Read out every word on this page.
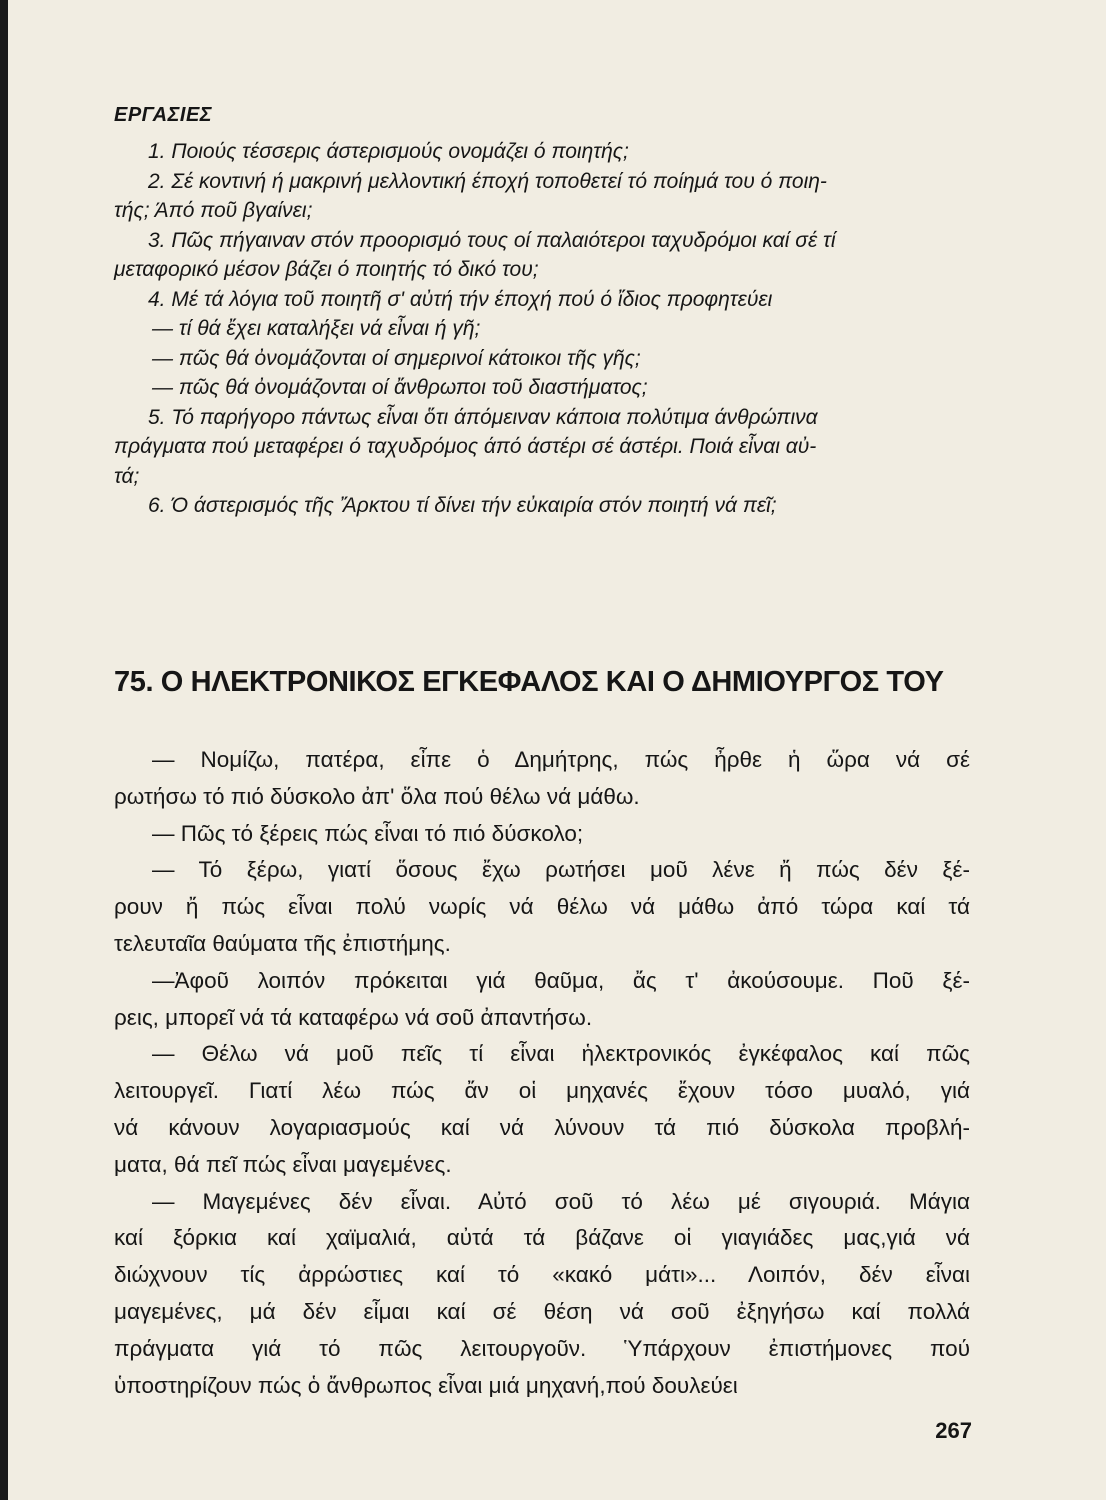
ΕΡΓΑΣΙΕΣ
1. Ποιούς τέσσερις άστερισμούς ονομάζει ό ποιητής;
2. Σέ κοντινή ή μακρινή μελλοντική έποχή τοποθετεί τό ποίημά του ό ποιη-
τής; Άπό ποῦ βγαίνει;
3. Πῶς πήγαιναν στόν προορισμό τους οί παλαιότεροι ταχυδρόμοι καί σέ τί
μεταφορικό μέσον βάζει ό ποιητής τό δικό του;
4. Μέ τά λόγια τοῦ ποιητῆ σ' αὐτή τήν έποχή πού ό ἴδιος προφητεύει
— τί θά ἔχει καταλήξει νά εἶναι ή γῆ;
— πῶς θά ὀνομάζονται οί σημερινοί κάτοικοι τῆς γῆς;
— πῶς θά ὀνομάζονται οί ἄνθρωποι τοῦ διαστήματος;
5. Τό παρήγορο πάντως εἶναι ὅτι άπόμειναν κάποια πολύτιμα άνθρώπινα
πράγματα πού μεταφέρει ό ταχυδρόμος άπό άστέρι σέ άστέρι. Ποιά εἶναι αὐ-
τά;
6. Ό άστερισμός τῆς Ἄρκτου τί δίνει τήν εὐκαιρία στόν ποιητή νά πεῖ;
75. Ο ΗΛΕΚΤΡΟΝΙΚΟΣ ΕΓΚΕΦΑΛΟΣ ΚΑΙ Ο ΔΗΜΙΟΥΡΓΟΣ ΤΟΥ
— Νομίζω, πατέρα, εἶπε ὁ Δημήτρης, πώς ἦρθε ἡ ὥρα νά σέ
ρωτήσω τό πιό δύσκολο ἀπ' ὅλα πού θέλω νά μάθω.
— Πῶς τό ξέρεις πώς εἶναι τό πιό δύσκολο;
— Τό ξέρω, γιατί ὅσους ἔχω ρωτήσει μοῦ λένε ἤ πώς δέν ξέ-
ρουν ἤ πώς εἶναι πολύ νωρίς νά θέλω νά μάθω ἀπό τώρα καί τά
τελευταῖα θαύματα τῆς ἐπιστήμης.
—Ἀφοῦ λοιπόν πρόκειται γιά θαῦμα, ἄς τ' ἀκούσουμε. Ποῦ ξέ-
ρεις, μπορεῖ νά τά καταφέρω νά σοῦ ἀπαντήσω.
— Θέλω νά μοῦ πεῖς τί εἶναι ἡλεκτρονικός ἐγκέφαλος καί πῶς
λειτουργεῖ. Γιατί λέω πώς ἄν οἱ μηχανές ἔχουν τόσο μυαλό, γιά
νά κάνουν λογαριασμούς καί νά λύνουν τά πιό δύσκολα προβλή-
ματα, θά πεῖ πώς εἶναι μαγεμένες.
— Μαγεμένες δέν εἶναι. Αὐτό σοῦ τό λέω μέ σιγουριά. Μάγια
καί ξόρκια καί χαϊμαλιά, αὐτά τά βάζανε οἱ γιαγιάδες μας,γιά νά
διώχνουν τίς ἀρρώστιες καί τό «κακό μάτι»... Λοιπόν, δέν εἶναι
μαγεμένες, μά δέν εἶμαι καί σέ θέση νά σοῦ ἐξηγήσω καί πολλά
πράγματα γιά τό πῶς λειτουργοῦν. Ὑπάρχουν ἐπιστήμονες πού
ὑποστηρίζουν πώς ὁ ἄνθρωπος εἶναι μιά μηχανή,πού δουλεύει
267
